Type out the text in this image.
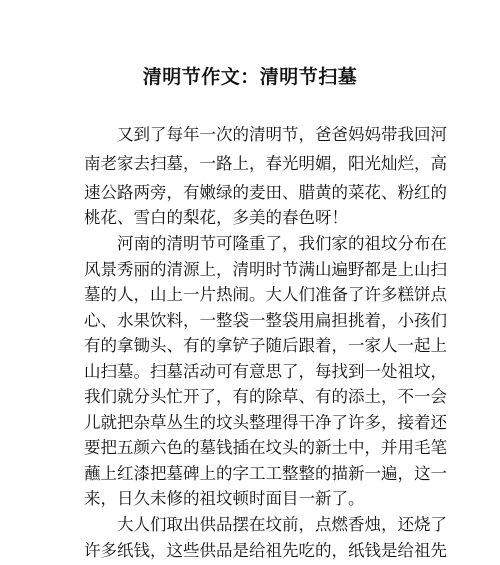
清明节作文：清明节扫墓
又到了每年一次的清明节，爸爸妈妈带我回河
南老家去扫墓，一路上，春光明媚，阳光灿烂，高
速公路两旁，有嫩绿的麦田、腊黄的菜花、粉红的
桃花、雪白的梨花，多美的春色呀！
河南的清明节可隆重了，我们家的祖坟分布在
风景秀丽的清源上，清明时节满山遍野都是上山扫
墓的人，山上一片热闹。大人们准备了许多糕饼点
心、水果饮料，一整袋一整袋用扁担挑着，小孩们
有的拿锄头、有的拿铲子随后跟着，一家人一起上
山扫墓。扫墓活动可有意思了，每找到一处祖坟，
我们就分头忙开了，有的除草、有的添土，不一会
儿就把杂草丛生的坟头整理得干净了许多，接着还
要把五颜六色的墓钱插在坟头的新土中，并用毛笔
蘸上红漆把墓碑上的字工工整整的描新一遍，这一
来，日久未修的祖坟顿时面目一新了。
大人们取出供品摆在坟前，点燃香烛，还烧了
许多纸钱，这些供品是给祖先吃的，纸钱是给祖先
